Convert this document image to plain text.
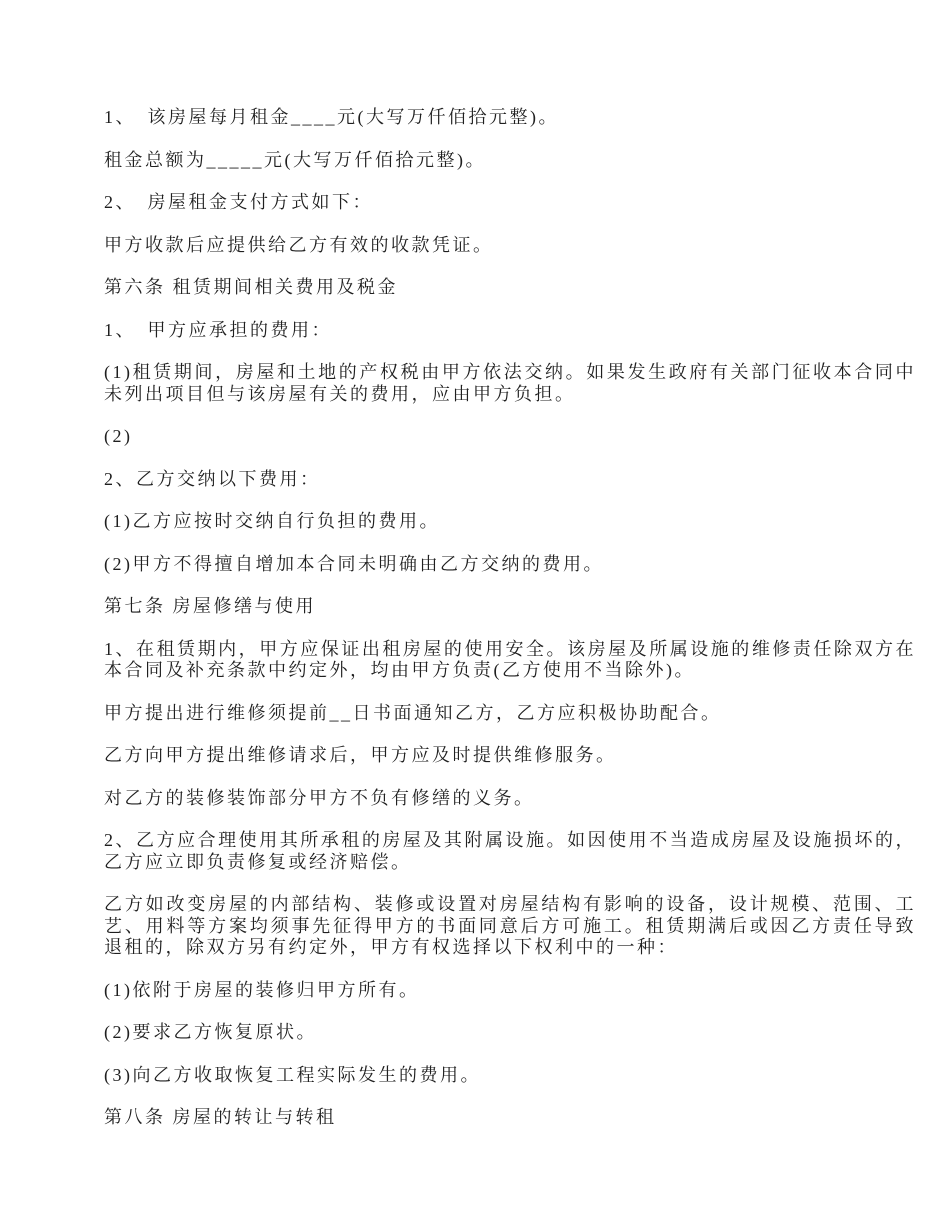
1、　该房屋每月租金____元(大写万仟佰拾元整)。

租金总额为_____元(大写万仟佰拾元整)。

2、　房屋租金支付方式如下：

甲方收款后应提供给乙方有效的收款凭证。

第六条 租赁期间相关费用及税金

1、　甲方应承担的费用：

(1)租赁期间，房屋和土地的产权税由甲方依法交纳。如果发生政府有关部门征收本合同中未列出项目但与该房屋有关的费用，应由甲方负担。

(2)

2、乙方交纳以下费用：

(1)乙方应按时交纳自行负担的费用。

(2)甲方不得擅自增加本合同未明确由乙方交纳的费用。

第七条 房屋修缮与使用

1、在租赁期内，甲方应保证出租房屋的使用安全。该房屋及所属设施的维修责任除双方在本合同及补充条款中约定外，均由甲方负责(乙方使用不当除外)。

甲方提出进行维修须提前__日书面通知乙方，乙方应积极协助配合。

乙方向甲方提出维修请求后，甲方应及时提供维修服务。

对乙方的装修装饰部分甲方不负有修缮的义务。

2、乙方应合理使用其所承租的房屋及其附属设施。如因使用不当造成房屋及设施损坏的，乙方应立即负责修复或经济赔偿。

乙方如改变房屋的内部结构、装修或设置对房屋结构有影响的设备，设计规模、范围、工艺、用料等方案均须事先征得甲方的书面同意后方可施工。租赁期满后或因乙方责任导致退租的，除双方另有约定外，甲方有权选择以下权利中的一种：

(1)依附于房屋的装修归甲方所有。

(2)要求乙方恢复原状。

(3)向乙方收取恢复工程实际发生的费用。

第八条 房屋的转让与转租
